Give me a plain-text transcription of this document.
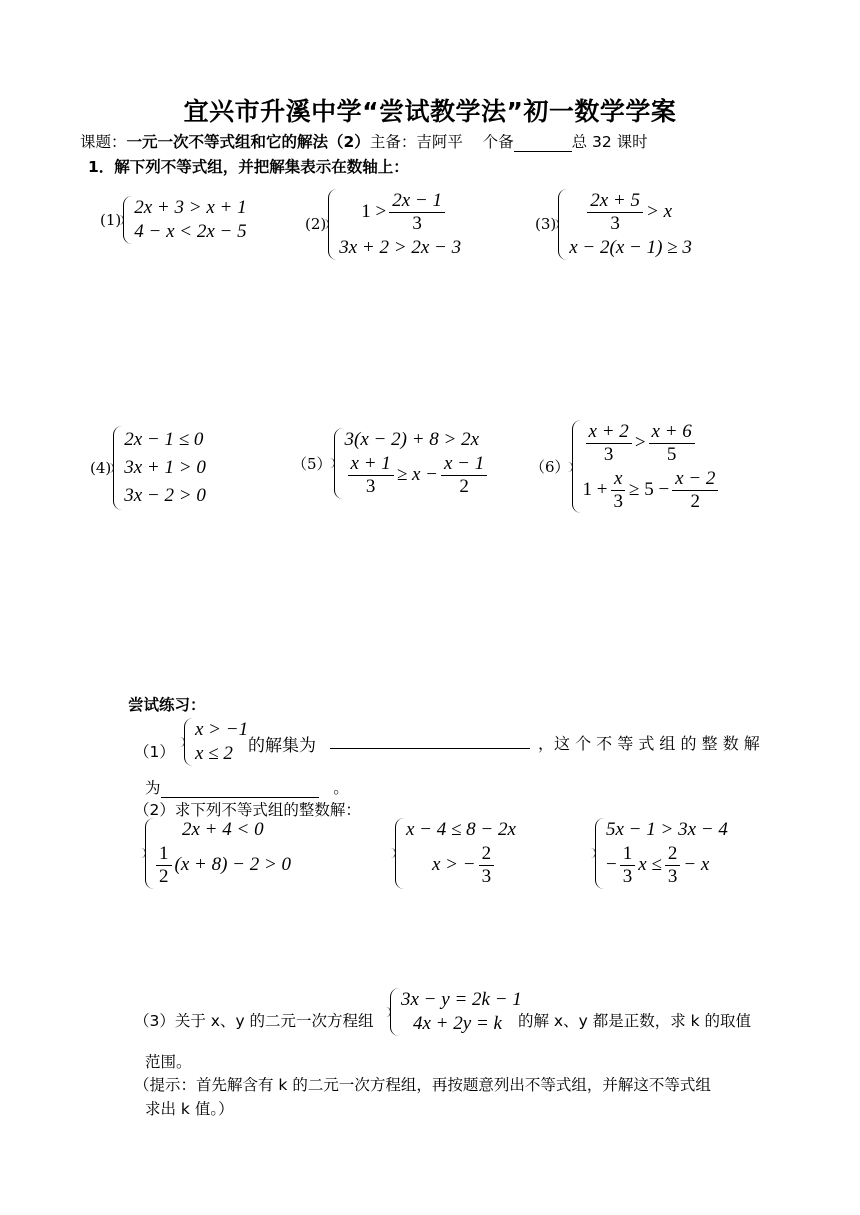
宜兴市升溪中学“尝试教学法”初一数学学案
课题：一元一次不等式组和它的解法（2）主备：吉阿平 个备	总 32 课时
1．解下列不等式组，并把解集表示在数轴上：
(1)
2x + 3 > x + 1
4 − x < 2x − 5	(2)
$1 > \frac{2x - 1}{3}$
3x + 2 > 2x − 3
$(3) \frac{2x + 5}{3} > x$
x − 2(x − 1) ≥ 3
(4)
2x − 1 ≤ 0
3x + 1 > 0
3x − 2 > 0
（5）
3(x − 2) + 8 > 2x
$\frac{x + 1}{3} \ge x - \frac{x - 1}{2}$	（6）
$\frac{x + 2}{3} > \frac{x + 6}{5}$
$1 + \frac{x}{3} \ge 5 - \frac{x - 2}{2}$
尝试练习：
（1）
x > −1
x ≤ 2 的解集为	，这 个 不 等 式 组 的 整 数 解
为	。
（2）求下列不等式组的整数解：
2x + 4 < 0
$\frac{1}{2} (x + 8) - 2 > 0$
x − 4 ≤ 8 − 2x
x > − $\frac{2}{3}$
5x − 1 > 3x − 4
− $\frac{1}{3}$ $x \le \frac{2}{3} - x$
（3）关于 x、y 的二元一次方程组
3x − y = 2k − 1
4x + 2y = k	的解 x、y 都是正数，求 k 的取值
范围。
（提示：首先解含有 k 的二元一次方程组，再按题意列出不等式组，并解这不等式组
求出 k 值。）
